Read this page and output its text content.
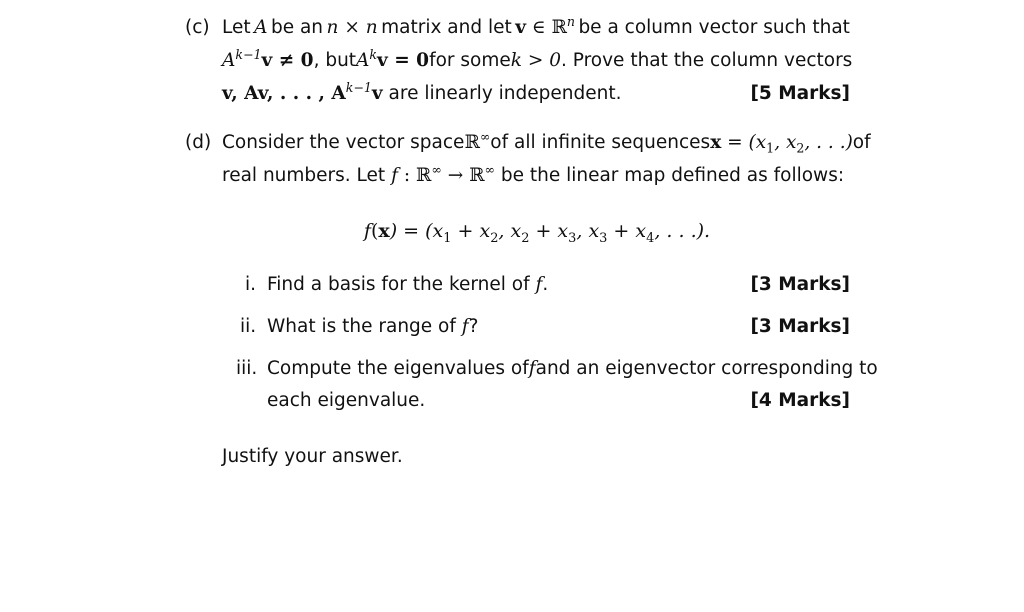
(c) Let A be an n × n matrix and let v ∈ ℝ$^n$ be a column vector such that
$A^{k-1}v \ne 0$, but $A^kv = 0$ for some k > 0. Prove that the column vectors
v, Av, . . . , $A^{k-1}v$ are linearly independent.	[5 Marks]
(d) Consider the vector space ℝ∞ of all infinite sequences $x = (x_1$, $x_2$, . . .) of
real numbers. Let f : ℝ∞ → ℝ∞ be the linear map defined as follows:
$f(x) = (x_1 + x_2$, $x_2 + x_3$, $x_3 + x_4$, . . .).
i. Find a basis for the kernel of f.	[3 Marks]
ii. What is the range of f?	[3 Marks]
iii. Compute the eigenvalues of f and an eigenvector corresponding to
each eigenvalue.	[4 Marks]
Justify your answer.
